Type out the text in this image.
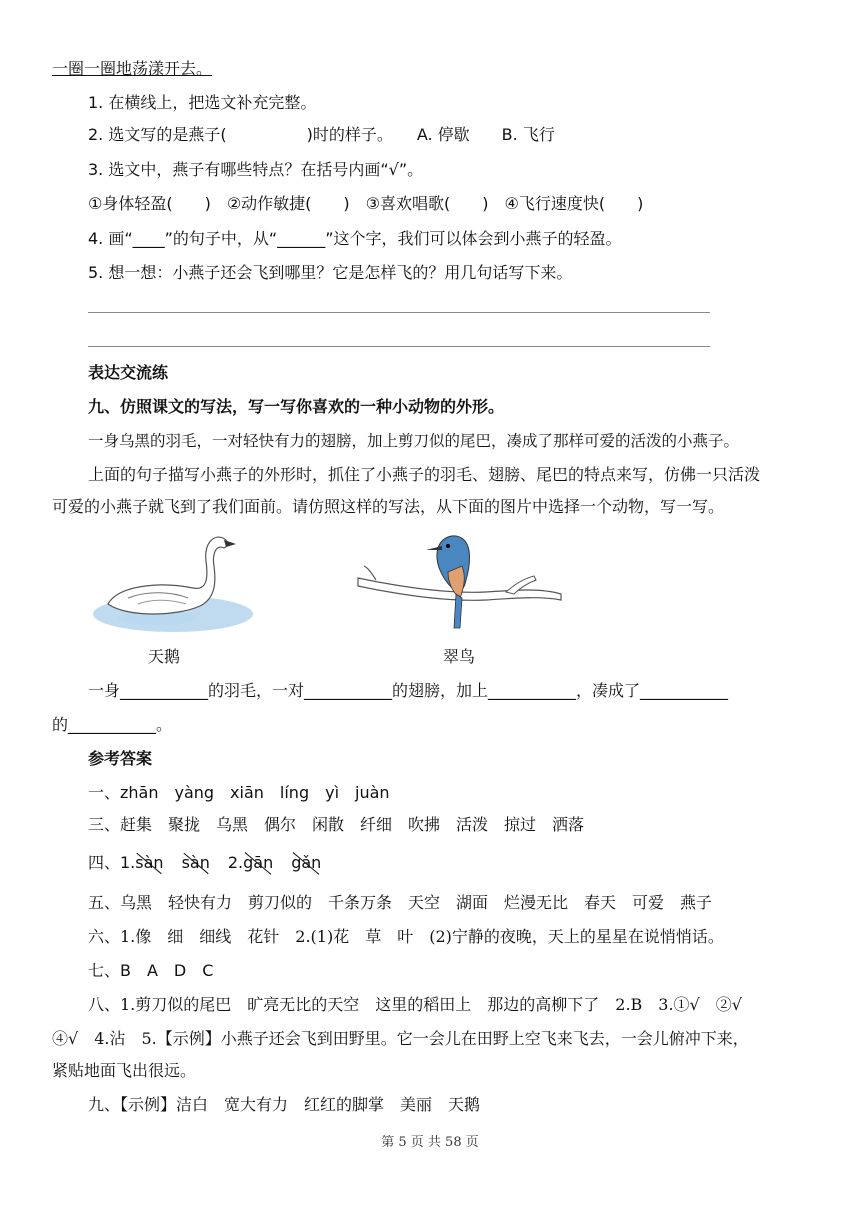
一圈一圈地荡漾开去。
1. 在横线上，把选文补充完整。
2. 选文写的是燕子(　　　　　)时的样子。　　A. 停歇　　B. 飞行
3. 选文中，燕子有哪些特点？在括号内画“√”。
①身体轻盈(　　)　②动作敏捷(　　)　③喜欢唱歌(　　)　④飞行速度快(　　)
4. 画“____”的句子中，从“______”这个字，我们可以体会到小燕子的轻盈。
5. 想一想：小燕子还会飞到哪里？它是怎样飞的？用几句话写下来。
表达交流练
九、仿照课文的写法，写一写你喜欢的一种小动物的外形。
一身乌黑的羽毛，一对轻快有力的翅膀，加上剪刀似的尾巴，凑成了那样可爱的活泼的小燕子。
上面的句子描写小燕子的外形时，抓住了小燕子的羽毛、翅膀、尾巴的特点来写，仿佛一只活泼
可爱的小燕子就飞到了我们面前。请仿照这样的写法，从下面的图片中选择一个动物，写一写。
天鹅	翠鸟
一身___________的羽毛，一对___________的翅膀，加上___________，凑成了___________
的___________。
参考答案
一、zhān　yàng　xiān　líng　yì　juàn
三、赶集　聚拢　乌黑　偶尔　闲散　纤细　吹拂　活泼　掠过　洒落
四、1.sàn sàn 2.gān gǎn
五、乌黑　轻快有力　剪刀似的　千条万条　天空　湖面　烂漫无比　春天　可爱　燕子
六、1.像　细　细线　花针　2.(1)花　草　叶　(2)宁静的夜晚，天上的星星在说悄悄话。
七、B　A　D　C
八、1.剪刀似的尾巴　旷亮无比的天空　这里的稻田上　那边的高柳下了　2.B　3.①√　②√
④√　4.沾　5.【示例】小燕子还会飞到田野里。它一会儿在田野上空飞来飞去，一会儿俯冲下来，
紧贴地面飞出很远。
九、【示例】洁白　宽大有力　红红的脚掌　美丽　天鹅
第 5 页 共 58 页
